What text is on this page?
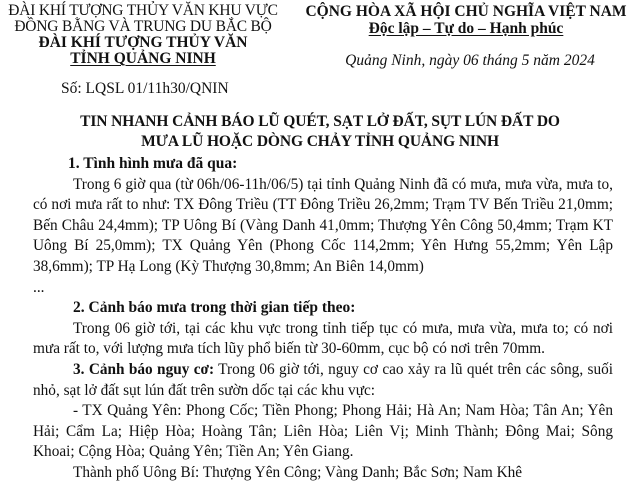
ĐÀI KHÍ TƯỢNG THỦY VĂN KHU VỰC
ĐỒNG BẰNG VÀ TRUNG DU BẮC BỘ
ĐÀI KHÍ TƯỢNG THỦY VĂN
TỈNH QUẢNG NINH
CỘNG HÒA XÃ HỘI CHỦ NGHĨA VIỆT NAM
Độc lập – Tự do – Hạnh phúc
Quảng Ninh, ngày 06 tháng 5 năm 2024
Số: LQSL 01/11h30/QNIN
TIN NHANH CẢNH BÁO LŨ QUÉT, SẠT LỞ ĐẤT, SỤT LÚN ĐẤT DO
MƯA LŨ HOẶC DÒNG CHẢY TỈNH QUẢNG NINH
1. Tình hình mưa đã qua:

Trong 6 giờ qua (từ 06h/06-11h/06/5) tại tỉnh Quảng Ninh đã có mưa, mưa vừa, mưa to, có nơi mưa rất to như: TX Đông Triều (TT Đông Triều 26,2mm; Trạm TV Bến Triều 21,0mm; Bến Châu 24,4mm); TP Uông Bí (Vàng Danh 41,0mm; Thượng Yên Công 50,4mm; Trạm KT Uông Bí 25,0mm); TX Quảng Yên (Phong Cốc 114,2mm; Yên Hưng 55,2mm; Yên Lập 38,6mm); TP Hạ Long (Kỳ Thượng 30,8mm; An Biên 14,0mm)

...

2. Cảnh báo mưa trong thời gian tiếp theo:

Trong 06 giờ tới, tại các khu vực trong tỉnh tiếp tục có mưa, mưa vừa, mưa to; có nơi mưa rất to, với lượng mưa tích lũy phổ biến từ 30-60mm, cục bộ có nơi trên 70mm.

3. Cảnh báo nguy cơ: Trong 06 giờ tới, nguy cơ cao xảy ra lũ quét trên các sông, suối nhỏ, sạt lở đất sụt lún đất trên sườn dốc tại các khu vực:

- TX Quảng Yên: Phong Cốc; Tiền Phong; Phong Hải; Hà An; Nam Hòa; Tân An; Yên Hải; Cẩm La; Hiệp Hòa; Hoàng Tân; Liên Hòa; Liên Vị; Minh Thành; Đông Mai; Sông Khoai; Cộng Hòa; Quảng Yên; Tiền An; Yên Giang.

Thành phố Uông Bí: Thượng Yên Công; Vàng Danh; Bắc Sơn; Nam Khê
